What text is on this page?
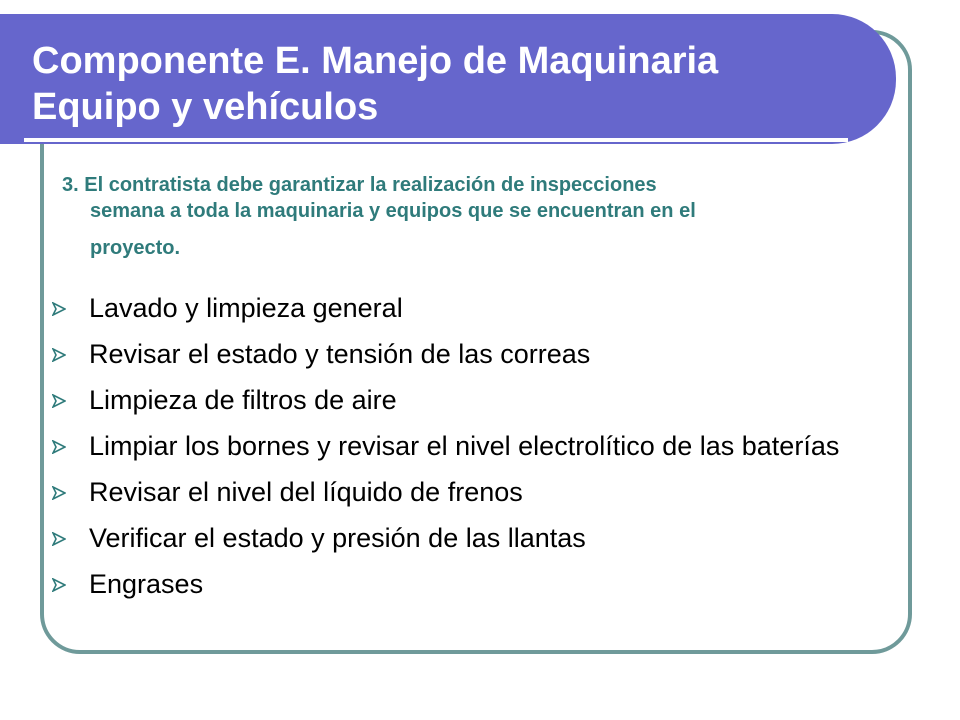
Componente E. Manejo de Maquinaria
Equipo y vehículos

3. El contratista debe garantizar la realización de inspecciones
semana a toda la maquinaria y equipos que se encuentran en el
proyecto.

Lavado y limpieza general
Revisar el estado y tensión de las correas
Limpieza de filtros de aire
Limpiar los bornes y revisar el nivel electrolítico de las baterías
Revisar el nivel del líquido de frenos
Verificar el estado y presión de las llantas
Engrases
